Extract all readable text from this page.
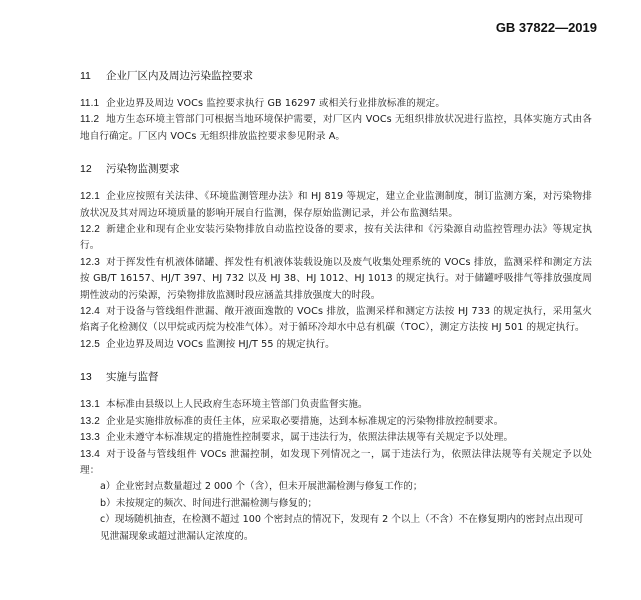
GB 37822—2019
11 企业厂区内及周边污染监控要求

11.1 企业边界及周边 VOCs 监控要求执行 GB 16297 或相关行业排放标准的规定。

11.2 地方生态环境主管部门可根据当地环境保护需要，对厂区内 VOCs 无组织排放状况进行监控，具体实施方式由各地自行确定。厂区内 VOCs 无组织排放监控要求参见附录 A。

12 污染物监测要求

12.1 企业应按照有关法律、《环境监测管理办法》和 HJ 819 等规定，建立企业监测制度，制订监测方案，对污染物排放状况及其对周边环境质量的影响开展自行监测，保存原始监测记录，并公布监测结果。

12.2 新建企业和现有企业安装污染物排放自动监控设备的要求，按有关法律和《污染源自动监控管理办法》等规定执行。

12.3 对于挥发性有机液体储罐、挥发性有机液体装载设施以及废气收集处理系统的 VOCs 排放，监测采样和测定方法按 GB/T 16157、HJ/T 397、HJ 732 以及 HJ 38、HJ 1012、HJ 1013 的规定执行。对于储罐呼吸排气等排放强度周期性波动的污染源，污染物排放监测时段应涵盖其排放强度大的时段。

12.4 对于设备与管线组件泄漏、敞开液面逸散的 VOCs 排放，监测采样和测定方法按 HJ 733 的规定执行，采用氢火焰离子化检测仪（以甲烷或丙烷为校准气体）。对于循环冷却水中总有机碳（TOC），测定方法按 HJ 501 的规定执行。

12.5 企业边界及周边 VOCs 监测按 HJ/T 55 的规定执行。

13 实施与监督

13.1 本标准由县级以上人民政府生态环境主管部门负责监督实施。

13.2 企业是实施排放标准的责任主体，应采取必要措施，达到本标准规定的污染物排放控制要求。

13.3 企业未遵守本标准规定的措施性控制要求，属于违法行为，依照法律法规等有关规定予以处理。

13.4 对于设备与管线组件 VOCs 泄漏控制，如发现下列情况之一，属于违法行为，依照法律法规等有关规定予以处理：

a）企业密封点数量超过 2 000 个（含），但未开展泄漏检测与修复工作的；

b）未按规定的频次、时间进行泄漏检测与修复的；

c）现场随机抽查，在检测不超过 100 个密封点的情况下，发现有 2 个以上（不含）不在修复期内的密封点出现可见泄漏现象或超过泄漏认定浓度的。
